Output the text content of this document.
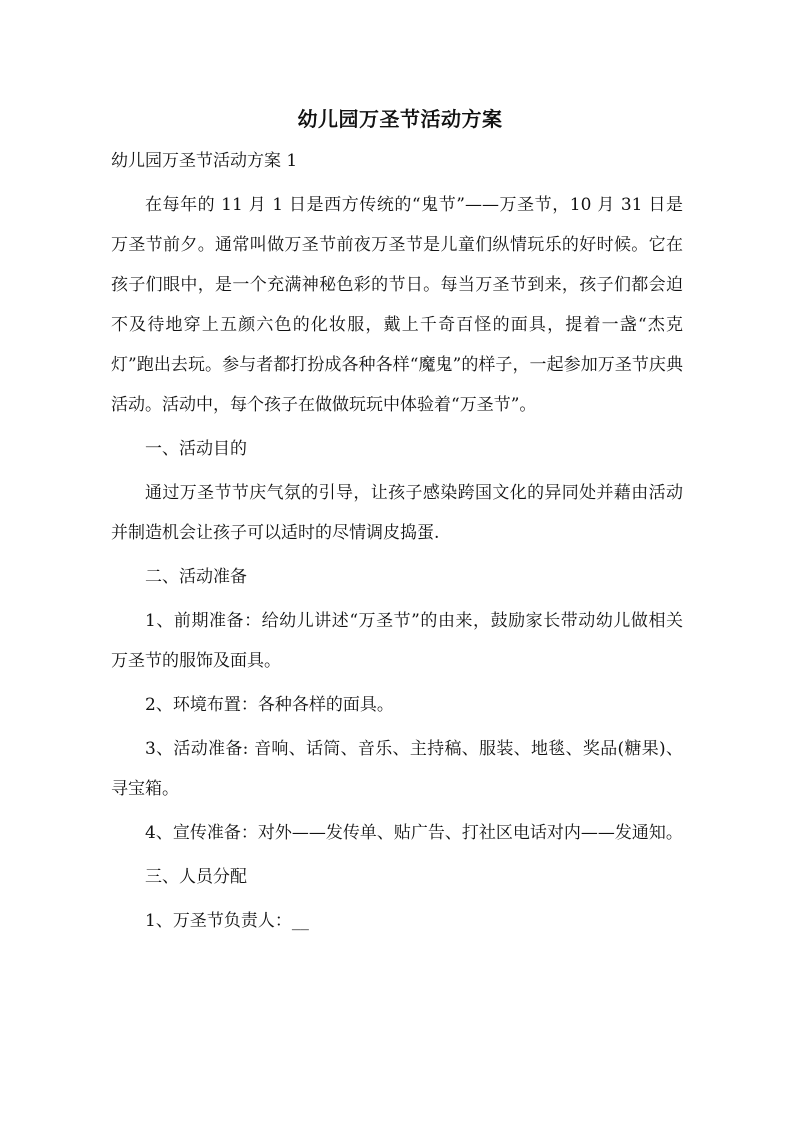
幼儿园万圣节活动方案

幼儿园万圣节活动方案 1

在每年的 11 月 1 日是西方传统的“鬼节”——万圣节，10 月 31 日是万圣节前夕。通常叫做万圣节前夜万圣节是儿童们纵情玩乐的好时候。它在孩子们眼中，是一个充满神秘色彩的节日。每当万圣节到来，孩子们都会迫不及待地穿上五颜六色的化妆服，戴上千奇百怪的面具，提着一盏“杰克灯”跑出去玩。参与者都打扮成各种各样“魔鬼”的样子，一起参加万圣节庆典活动。活动中，每个孩子在做做玩玩中体验着“万圣节”。

一、活动目的

通过万圣节节庆气氛的引导，让孩子感染跨国文化的异同处并藉由活动并制造机会让孩子可以适时的尽情调皮捣蛋.

二、活动准备

1、前期准备：给幼儿讲述“万圣节”的由来，鼓励家长带动幼儿做相关万圣节的服饰及面具。

2、环境布置：各种各样的面具。

3、活动准备: 音响、话筒、音乐、主持稿、服装、地毯、奖品(糖果)、寻宝箱。

4、宣传准备：对外——发传单、贴广告、打社区电话对内——发通知。

三、人员分配

1、万圣节负责人：__
